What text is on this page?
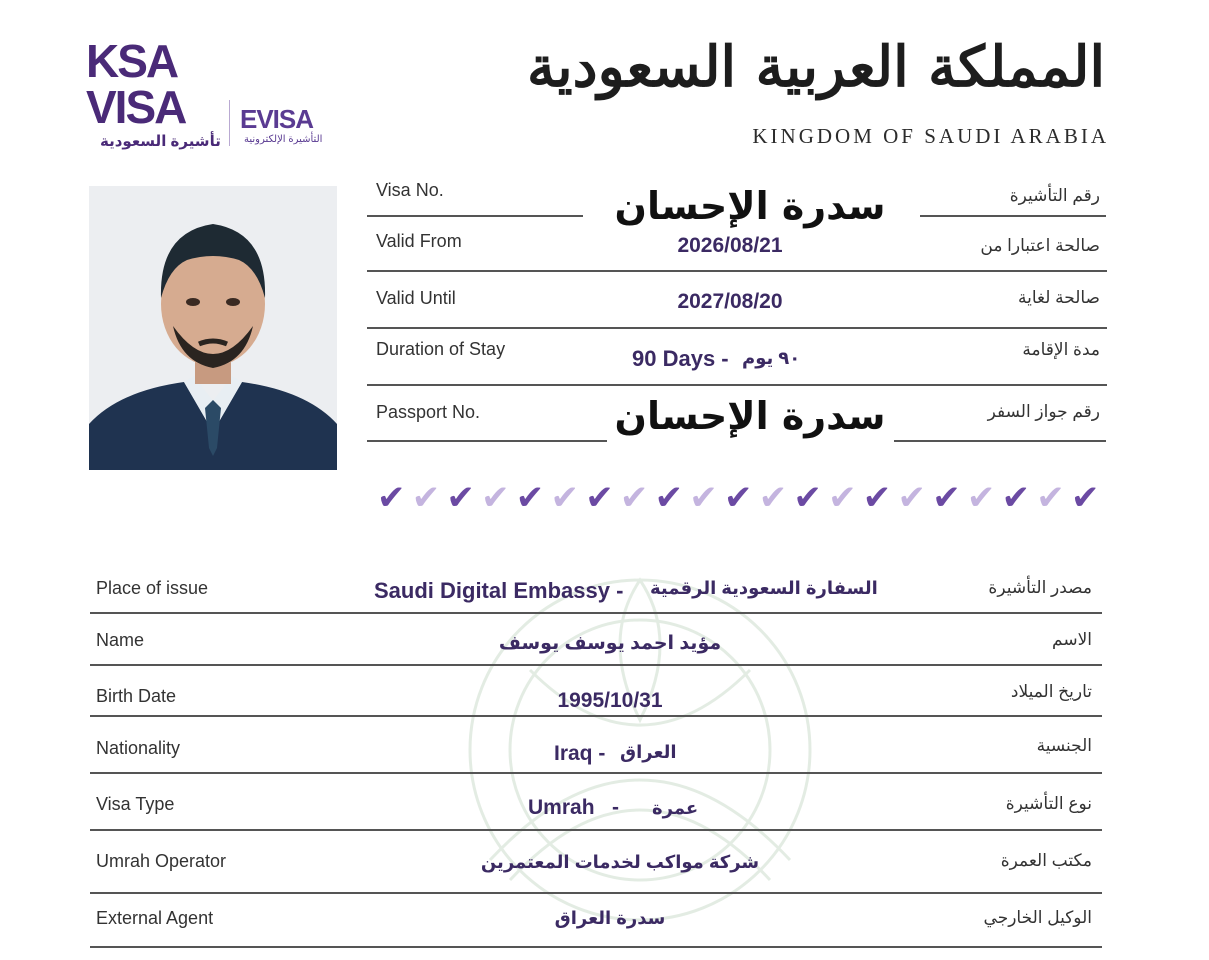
KSA
VISA
تأشيرة السعودية
EVISA
التأشيرة الإلكترونية
المملكة العربية السعودية
KINGDOM OF SAUDI ARABIA
Visa No.	رقم التأشيرة
سدرة الإحسان
Valid From	صالحة اعتبارا من
2026/08/21
Valid Until	صالحة لغاية
2027/08/20
Duration of Stay	مدة الإقامة
90 Days - ٩٠ يوم
Passport No.	رقم جواز السفر
سدرة الإحسان
✔ ✔ ✔ ✔ ✔ ✔ ✔ ✔ ✔ ✔ ✔ ✔ ✔ ✔ ✔ ✔ ✔ ✔ ✔ ✔ ✔
Place of issue	مصدر التأشيرة
Saudi Digital Embassy - السفارة السعودية الرقمية
Name	الاسم
مؤيد احمد يوسف يوسف
Birth Date	تاريخ الميلاد
1995/10/31
Nationality	الجنسية
Iraq - العراق
Visa Type	نوع التأشيرة
Umrah   - عمرة
Umrah Operator	مكتب العمرة
شركة مواكب لخدمات المعتمرين
External Agent	الوكيل الخارجي
سدرة العراق
